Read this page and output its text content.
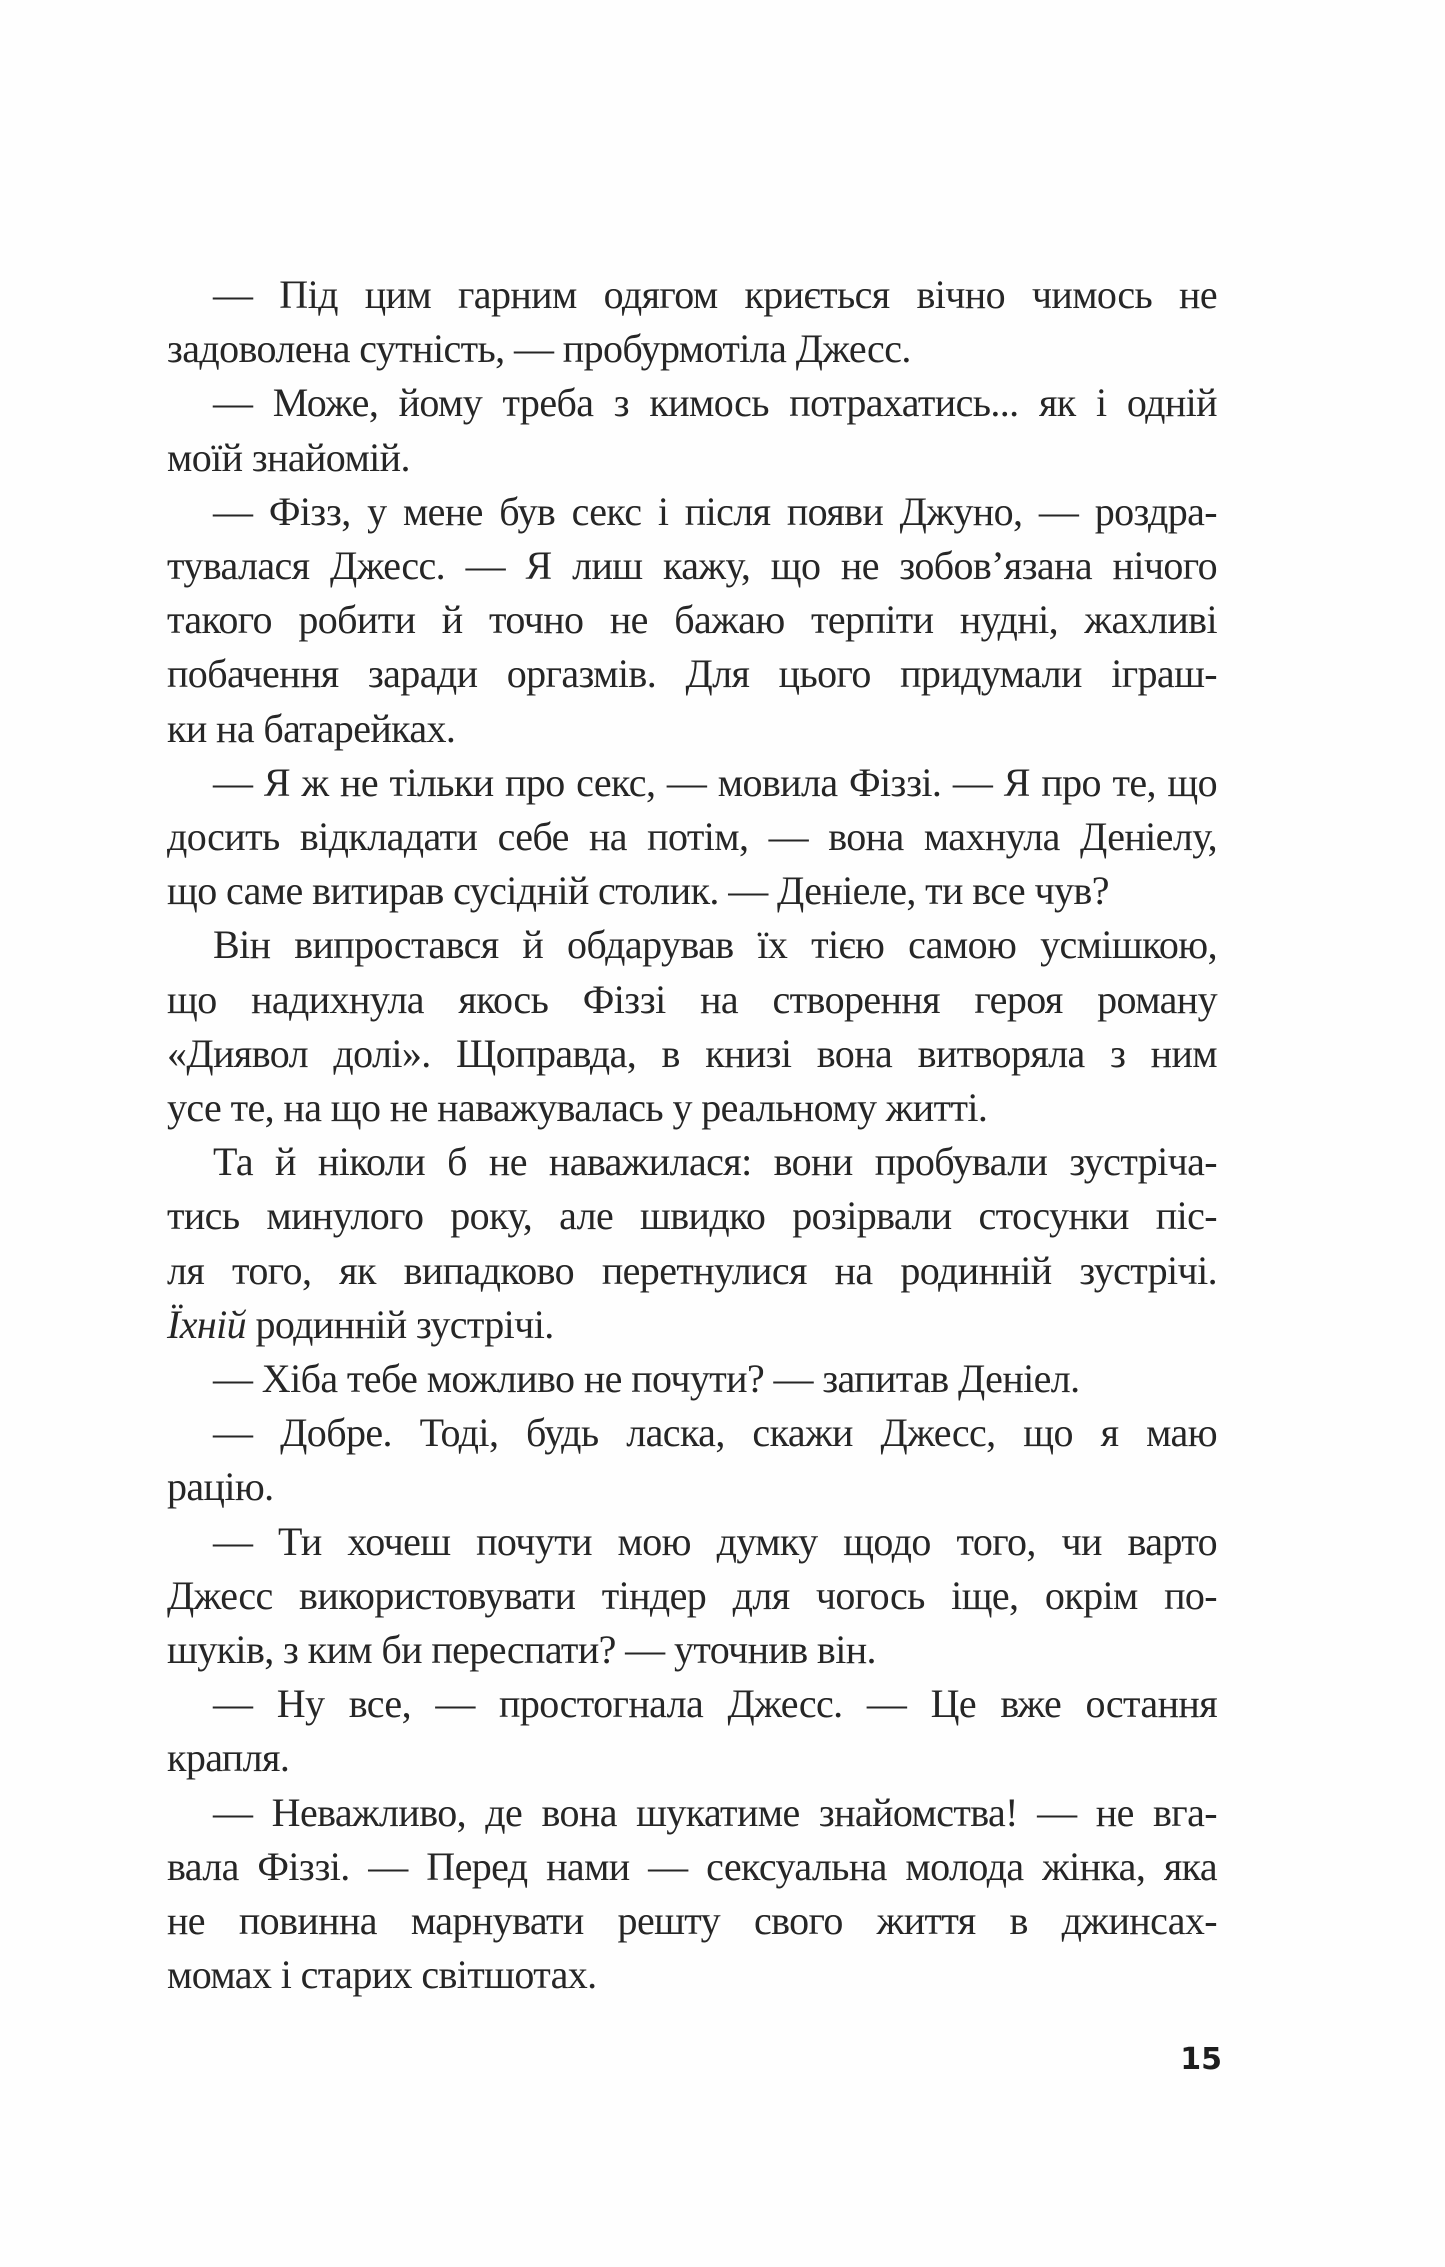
— Під цим гарним одягом криється вічно чимось не
задоволена сутність, — пробурмотіла Джесс.

— Може, йому треба з кимось потрахатись... як і одній
моїй знайомій.

— Фізз, у мене був секс і після появи Джуно, — роздра-
тувалася Джесс. — Я лиш кажу, що не зобов’язана нічого
такого робити й точно не бажаю терпіти нудні, жахливі
побачення заради оргазмів. Для цього придумали іграш-
ки на батарейках.

— Я ж не тільки про секс, — мовила Фіззі. — Я про те, що
досить відкладати себе на потім, — вона махнула Деніелу,
що саме витирав сусідній столик. — Деніеле, ти все чув?

Він випростався й обдарував їх тією самою усмішкою,
що надихнула якось Фіззі на створення героя роману
«Диявол долі». Щоправда, в книзі вона витворяла з ним
усе те, на що не наважувалась у реальному житті.

Та й ніколи б не наважилася: вони пробували зустріча-
тись минулого року, але швидко розірвали стосунки піс-
ля того, як випадково перетнулися на родинній зустрічі.
Їхній родинній зустрічі.

— Хіба тебе можливо не почути? — запитав Деніел.

— Добре. Тоді, будь ласка, скажи Джесс, що я маю
рацію.

— Ти хочеш почути мою думку щодо того, чи варто
Джесс використовувати тіндер для чогось іще, окрім по-
шуків, з ким би переспати? — уточнив він.

— Ну все, — простогнала Джесс. — Це вже остання
крапля.

— Неважливо, де вона шукатиме знайомства! — не вга-
вала Фіззі. — Перед нами — сексуальна молода жінка, яка
не повинна марнувати решту свого життя в джинсах-
момах і старих світшотах.

15
